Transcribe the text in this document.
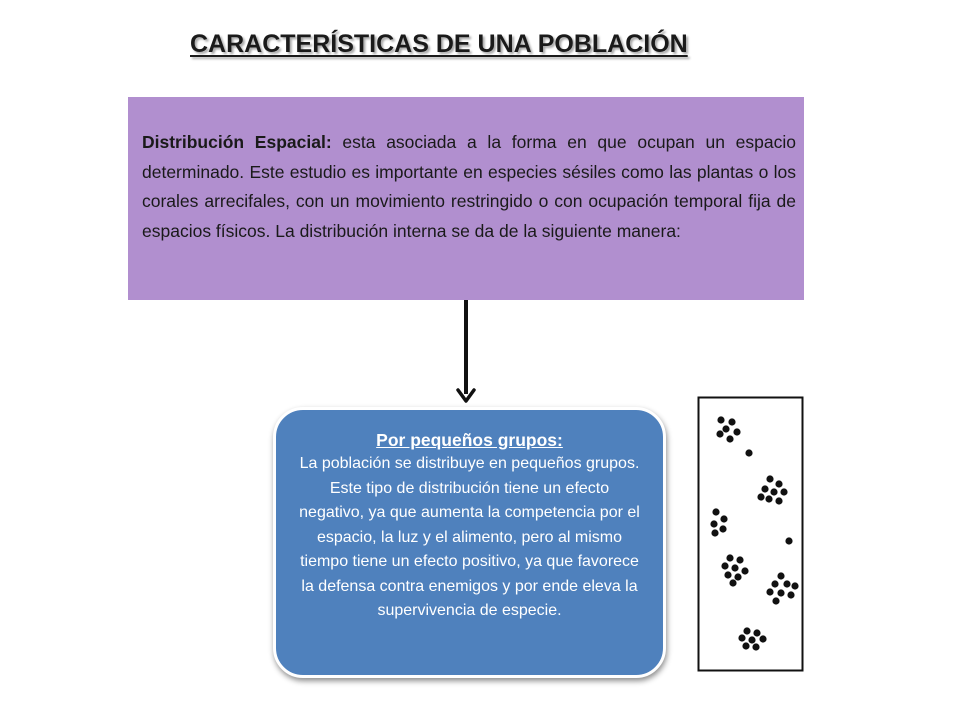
CARACTERÍSTICAS DE UNA POBLACIÓN

Distribución Espacial: esta asociada a la forma en que ocupan un espacio determinado. Este estudio es importante en especies sésiles como las plantas o los corales arrecifales, con un movimiento restringido o con ocupación temporal fija de espacios físicos. La distribución interna se da de la siguiente manera:

Por pequeños grupos:

La población se distribuye en pequeños grupos. Este tipo de distribución tiene un efecto negativo, ya que aumenta la competencia por el espacio, la luz y el alimento, pero al mismo tiempo tiene un efecto positivo, ya que favorece la defensa contra enemigos y por ende eleva la supervivencia de especie.
